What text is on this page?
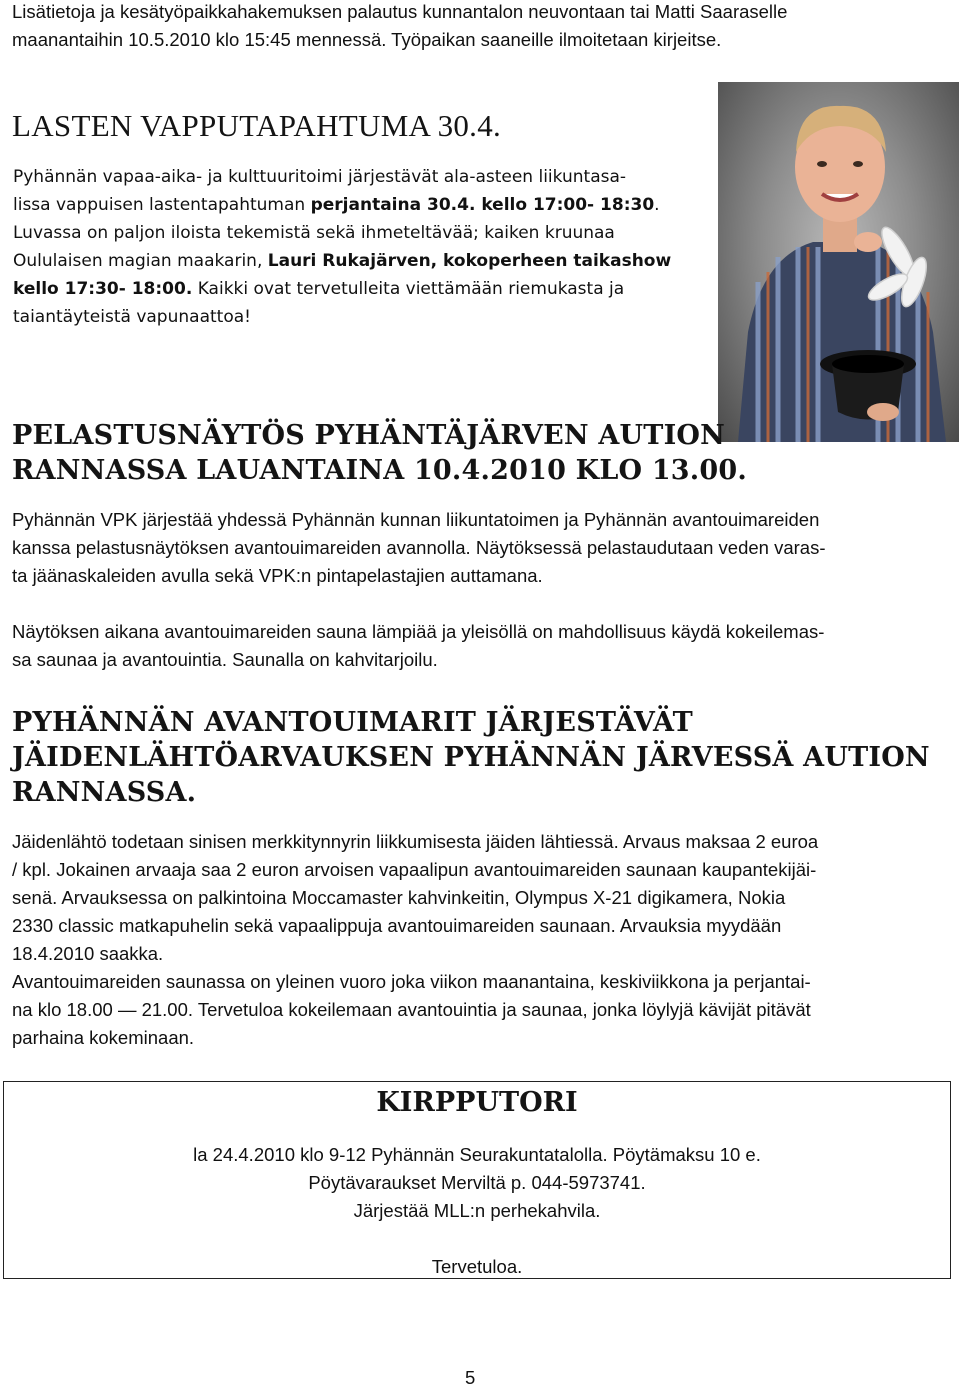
Lisätietoja ja kesätyöpaikkahakemuksen palautus kunnantalon neuvontaan tai Matti Saaraselle

maanantaihin 10.5.2010 klo 15:45 mennessä. Työpaikan saaneille ilmoitetaan kirjeitse.

LASTEN VAPPUTAPAHTUMA 30.4.

Pyhännän vapaa-aika- ja kulttuuritoimi järjestävät ala-asteen liikuntasa-

lissa vappuisen lastentapahtuman perjantaina 30.4. kello 17:00- 18:30.

Luvassa on paljon iloista tekemistä sekä ihmeteltävää; kaiken kruunaa

Oululaisen magian maakarin, Lauri Rukajärven, kokoperheen taikashow

kello 17:30- 18:00. Kaikki ovat tervetulleita viettämään riemukasta ja

taiantäyteistä vapunaattoa!

PELASTUSNÄYTÖS PYHÄNTÄJÄRVEN AUTION
RANNASSA LAUANTAINA 10.4.2010 KLO 13.00.

Pyhännän VPK järjestää yhdessä Pyhännän kunnan liikuntatoimen ja Pyhännän avantouimareiden

kanssa pelastusnäytöksen avantouimareiden avannolla. Näytöksessä pelastaudutaan veden varas-

ta jäänaskaleiden avulla sekä VPK:n pintapelastajien auttamana.

Näytöksen aikana avantouimareiden sauna lämpiää ja yleisöllä on mahdollisuus käydä kokeilemas-

sa saunaa ja avantouintia. Saunalla on kahvitarjoilu.

PYHÄNNÄN AVANTOUIMARIT JÄRJESTÄVÄT
JÄIDENLÄHTÖARVAUKSEN PYHÄNNÄN JÄRVESSÄ AUTION
RANNASSA.

Jäidenlähtö todetaan sinisen merkkitynnyrin liikkumisesta jäiden lähtiessä. Arvaus maksaa 2 euroa

/ kpl. Jokainen arvaaja saa 2 euron arvoisen vapaalipun avantouimareiden saunaan kaupantekijäi-

senä. Arvauksessa on palkintoina Moccamaster kahvinkeitin, Olympus X-21 digikamera, Nokia

2330 classic matkapuhelin sekä vapaalippuja avantouimareiden saunaan. Arvauksia myydään

18.4.2010 saakka.

Avantouimareiden saunassa on yleinen vuoro joka viikon maanantaina, keskiviikkona ja perjantai-

na klo 18.00 — 21.00. Tervetuloa kokeilemaan avantouintia ja saunaa, jonka löylyjä kävijät pitävät

parhaina kokeminaan.

KIRPPUTORI

la 24.4.2010 klo 9-12 Pyhännän Seurakuntatalolla. Pöytämaksu 10 e.

Pöytävaraukset Merviltä p. 044-5973741.

Järjestää MLL:n perhekahvila.

Tervetuloa.

5
